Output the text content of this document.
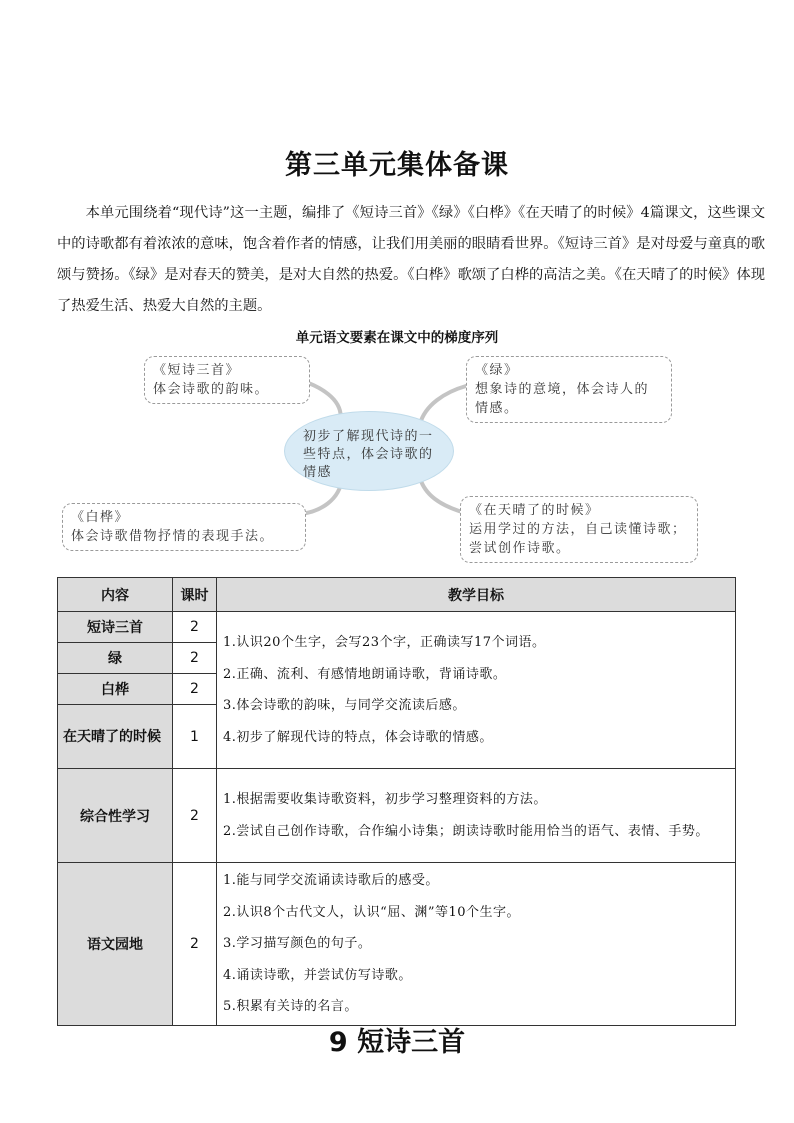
第三单元集体备课
本单元围绕着“现代诗”这一主题，编排了《短诗三首》《绿》《白桦》《在天晴了的时候》4篇课文，这些课文中的诗歌都有着浓浓的意味，饱含着作者的情感，让我们用美丽的眼睛看世界。《短诗三首》是对母爱与童真的歌颂与赞扬。《绿》是对春天的赞美，是对大自然的热爱。《白桦》歌颂了白桦的高洁之美。《在天晴了的时候》体现了热爱生活、热爱大自然的主题。
单元语文要素在课文中的梯度序列
初步了解现代诗的一些特点，体会诗歌的情感
《短诗三首》
体会诗歌的韵味。
《绿》
想象诗的意境，体会诗人的情感。
《白桦》
体会诗歌借物抒情的表现手法。
《在天晴了的时候》
运用学过的方法，自己读懂诗歌；尝试创作诗歌。
内容	课时	教学目标
短诗三首	2	1.认识20个生字，会写23个字，正确读写17个词语。
2.正确、流利、有感情地朗诵诗歌，背诵诗歌。
3.体会诗歌的韵味，与同学交流读后感。
4.初步了解现代诗的特点，体会诗歌的情感。

绿	2	
白桦	2	
在天晴了的时候	1	
综合性学习	2	1.根据需要收集诗歌资料，初步学习整理资料的方法。
2.尝试自己创作诗歌，合作编小诗集；朗读诗歌时能用恰当的语气、表情、手势。

语文园地	2	1.能与同学交流诵读诗歌后的感受。
2.认识8个古代文人，认识“屈、渊”等10个生字。
3.学习描写颜色的句子。
4.诵读诗歌，并尝试仿写诗歌。
5.积累有关诗的名言。
9 短诗三首
